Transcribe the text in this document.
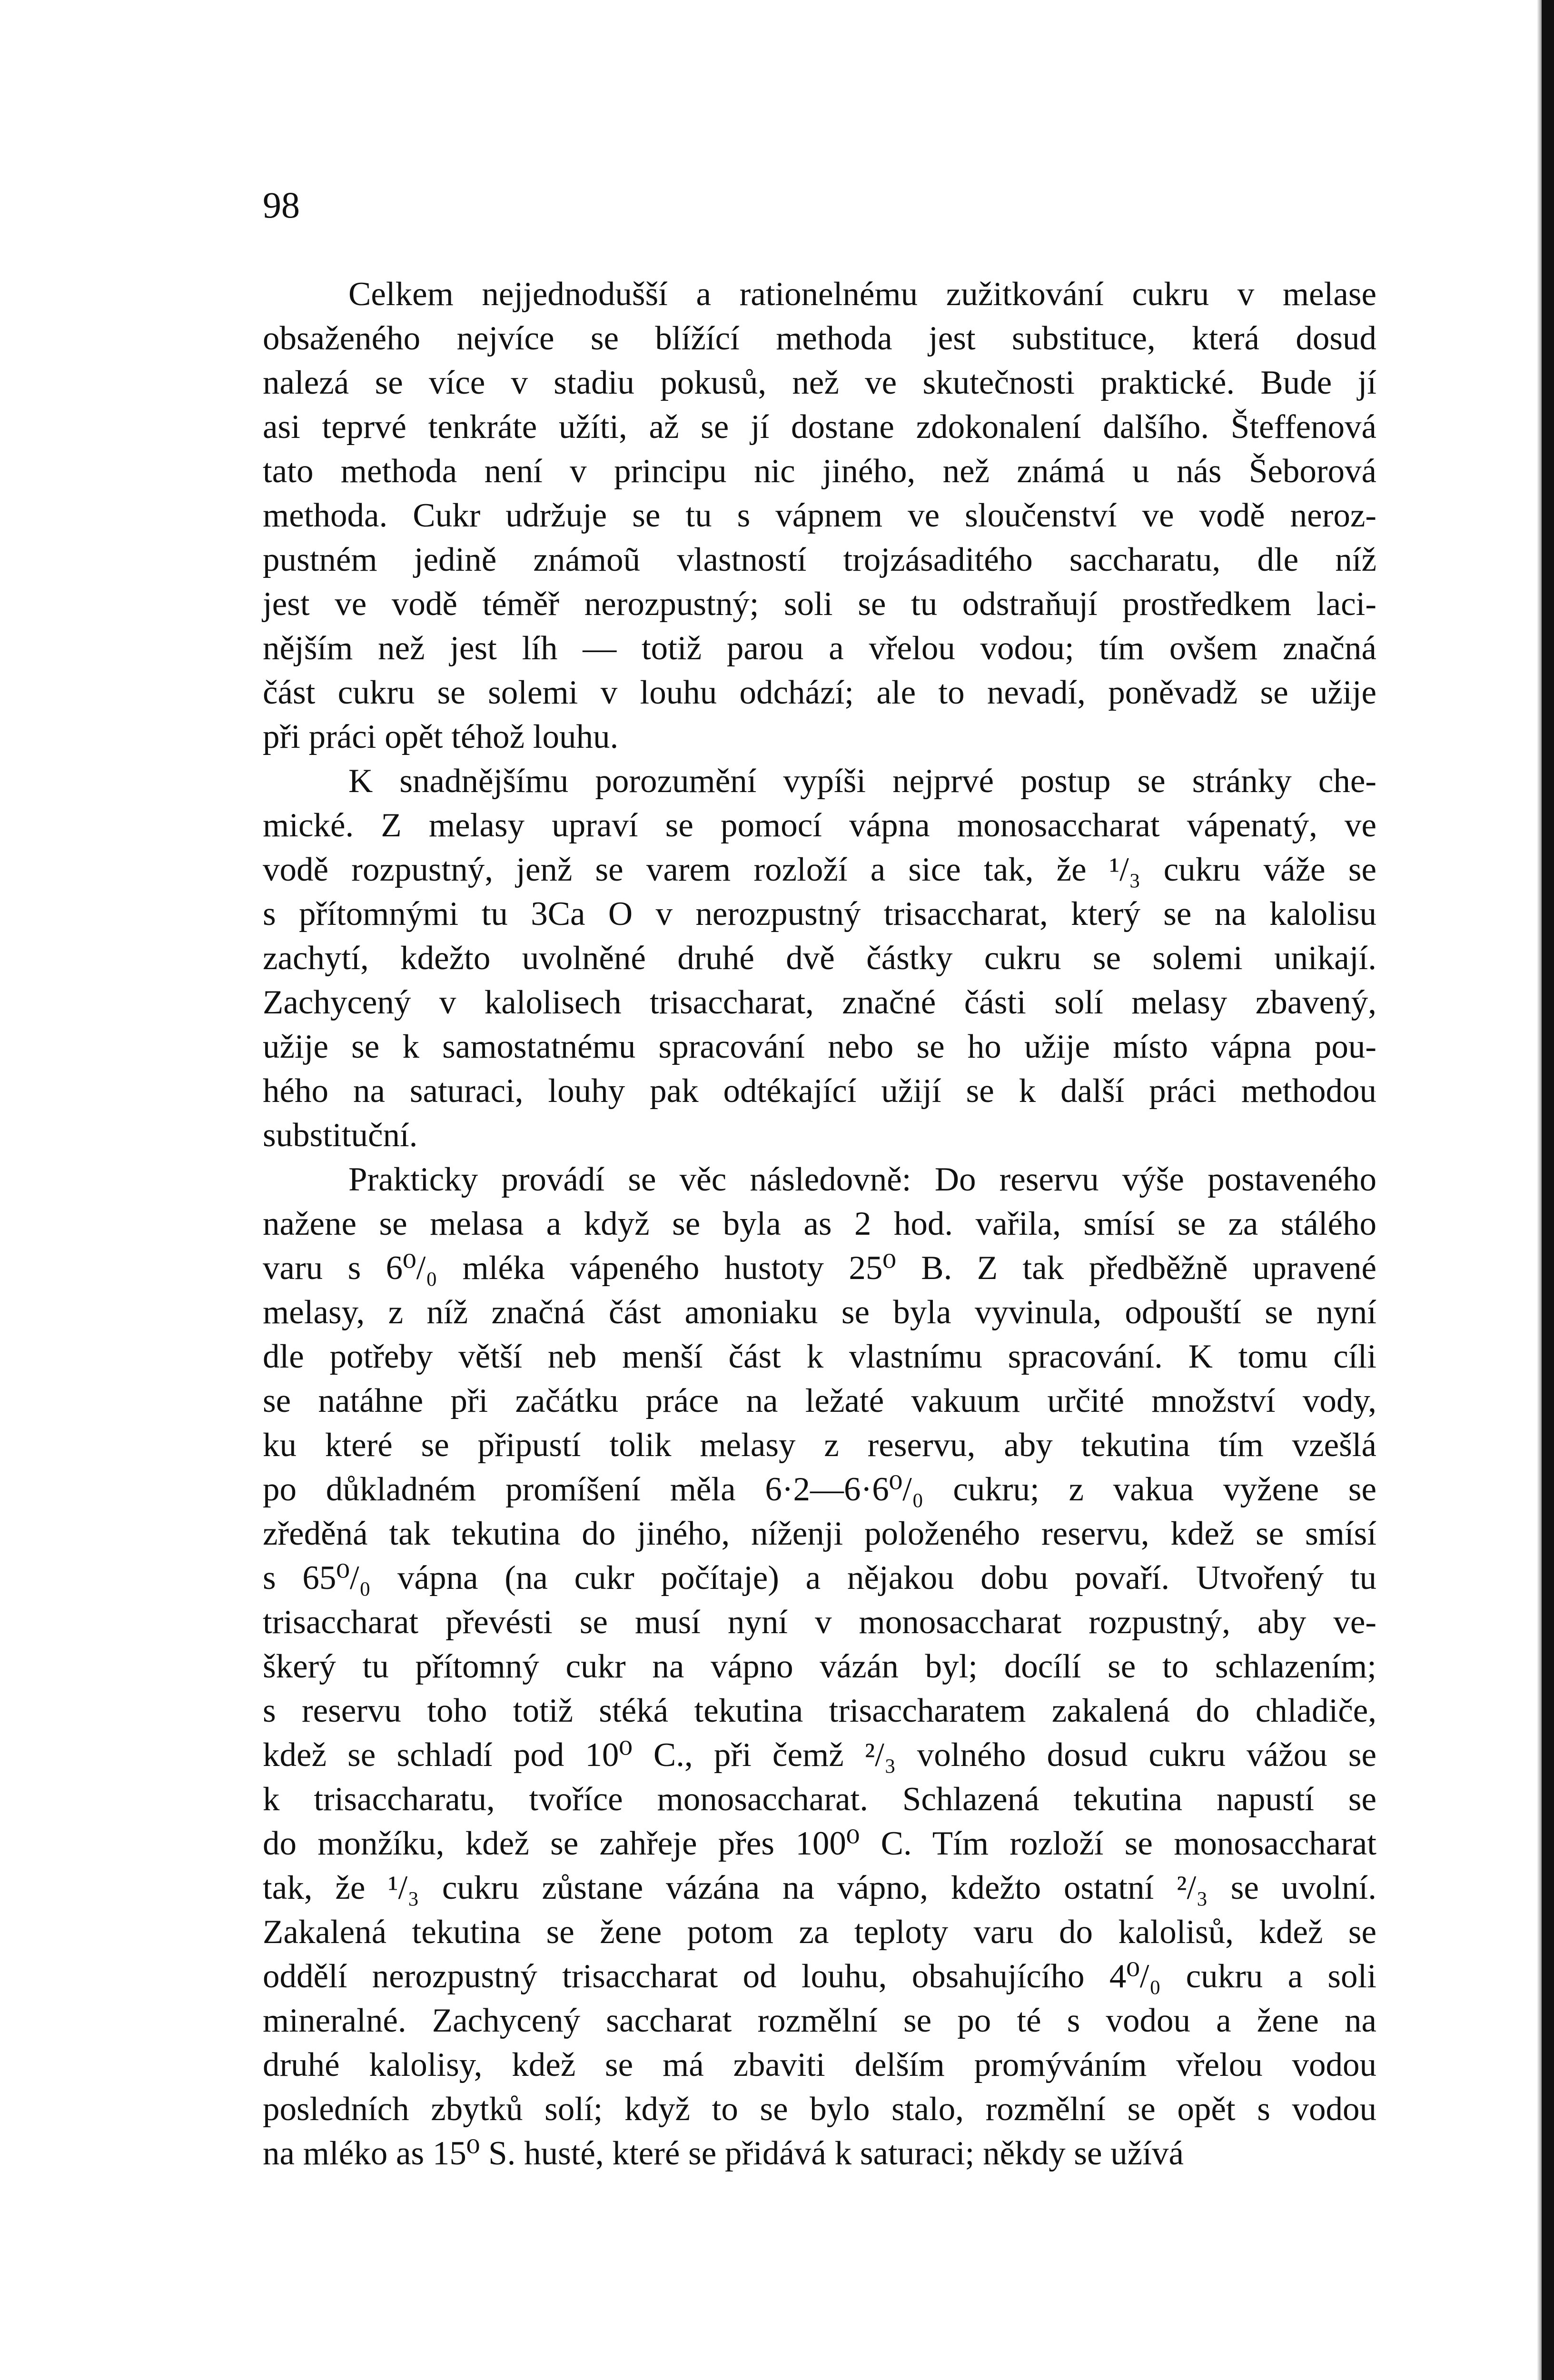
98
Celkem nejjednodušší a rationelnému zužitkování cukru v melase
obsaženého nejvíce se blížící methoda jest substituce, která dosud
nalezá se více v stadiu pokusů, než ve skutečnosti praktické. Bude jí
asi teprvé tenkráte užíti, až se jí dostane zdokonalení dalšího. Šteffenová
tato methoda není v principu nic jiného, než známá u nás Šeborová
methoda. Cukr udržuje se tu s vápnem ve sloučenství ve vodě neroz-
pustném jedině známoũ vlastností trojzásaditého saccharatu, dle níž
jest ve vodě téměř nerozpustný; soli se tu odstraňují prostředkem laci-
nějším než jest líh — totiž parou a vřelou vodou; tím ovšem značná
část cukru se solemi v louhu odchází; ale to nevadí, poněvadž se užije
při práci opět téhož louhu.
K snadnějšímu porozumění vypíši nejprvé postup se stránky che-
mické. Z melasy upraví se pomocí vápna monosaccharat vápenatý, ve
vodě rozpustný, jenž se varem rozloží a sice tak, že ¹/₃ cukru váže se
s přítomnými tu 3Ca O v nerozpustný trisaccharat, který se na kalolisu
zachytí, kdežto uvolněné druhé dvě částky cukru se solemi unikají.
Zachycený v kalolisech trisaccharat, značné části solí melasy zbavený,
užije se k samostatnému spracování nebo se ho užije místo vápna pou-
hého na saturaci, louhy pak odtékající užijí se k další práci methodou
substituční.
Prakticky provádí se věc následovně: Do reservu výše postaveného
nažene se melasa a když se byla as 2 hod. vařila, smísí se za stálého
varu s 6⁰/₀ mléka vápeného hustoty 25⁰ B. Z tak předběžně upravené
melasy, z níž značná část amoniaku se byla vyvinula, odpouští se nyní
dle potřeby větší neb menší část k vlastnímu spracování. K tomu cíli
se natáhne při začátku práce na ležaté vakuum určité množství vody,
ku které se připustí tolik melasy z reservu, aby tekutina tím vzešlá
po důkladném promíšení měla 6·2—6·6⁰/₀ cukru; z vakua vyžene se
zředěná tak tekutina do jiného, níženji položeného reservu, kdež se smísí
s 65⁰/₀ vápna (na cukr počítaje) a nějakou dobu povaří. Utvořený tu
trisaccharat převésti se musí nyní v monosaccharat rozpustný, aby ve-
škerý tu přítomný cukr na vápno vázán byl; docílí se to schlazením;
s reservu toho totiž stéká tekutina trisaccharatem zakalená do chladiče,
kdež se schladí pod 10⁰ C., při čemž ²/₃ volného dosud cukru vážou se
k trisaccharatu, tvoříce monosaccharat. Schlazená tekutina napustí se
do monžíku, kdež se zahřeje přes 100⁰ C. Tím rozloží se monosaccharat
tak, že ¹/₃ cukru zůstane vázána na vápno, kdežto ostatní ²/₃ se uvolní.
Zakalená tekutina se žene potom za teploty varu do kalolisů, kdež se
oddělí nerozpustný trisaccharat od louhu, obsahujícího 4⁰/₀ cukru a soli
mineralné. Zachycený saccharat rozmělní se po té s vodou a žene na
druhé kalolisy, kdež se má zbaviti delším promýváním vřelou vodou
posledních zbytků solí; když to se bylo stalo, rozmělní se opět s vodou
na mléko as 15⁰ S. husté, které se přidává k saturaci; někdy se užívá
